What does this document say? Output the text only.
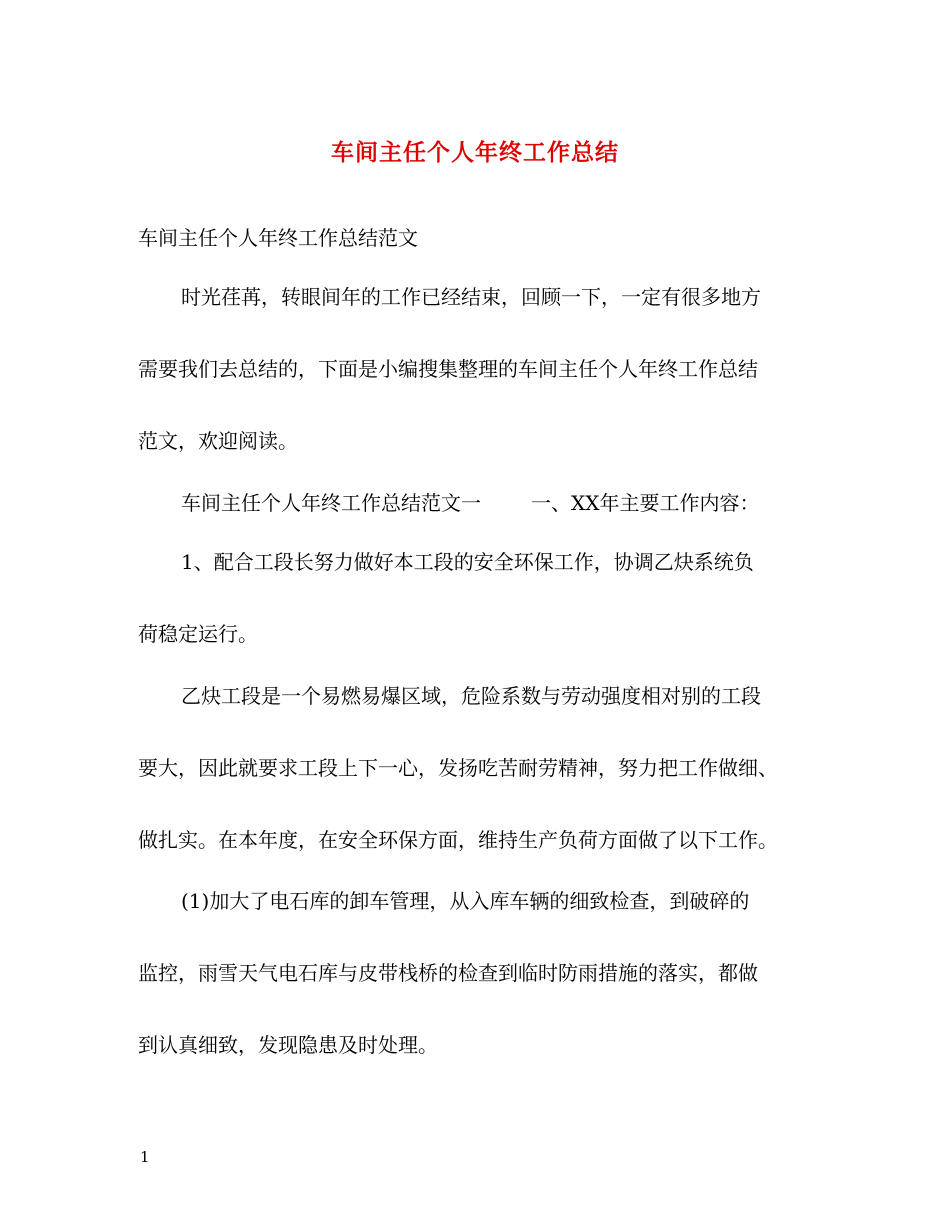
车间主任个人年终工作总结
车间主任个人年终工作总结范文
时光荏苒，转眼间年的工作已经结束，回顾一下，一定有很多地方
需要我们去总结的，下面是小编搜集整理的车间主任个人年终工作总结
范文，欢迎阅读。
车间主任个人年终工作总结范文一	一、XX年主要工作内容：
1、配合工段长努力做好本工段的安全环保工作，协调乙炔系统负
荷稳定运行。
乙炔工段是一个易燃易爆区域，危险系数与劳动强度相对别的工段
要大，因此就要求工段上下一心，发扬吃苦耐劳精神，努力把工作做细、
做扎实。在本年度，在安全环保方面，维持生产负荷方面做了以下工作。
(1)加大了电石库的卸车管理，从入库车辆的细致检查，到破碎的
监控，雨雪天气电石库与皮带栈桥的检查到临时防雨措施的落实，都做
到认真细致，发现隐患及时处理。
1
